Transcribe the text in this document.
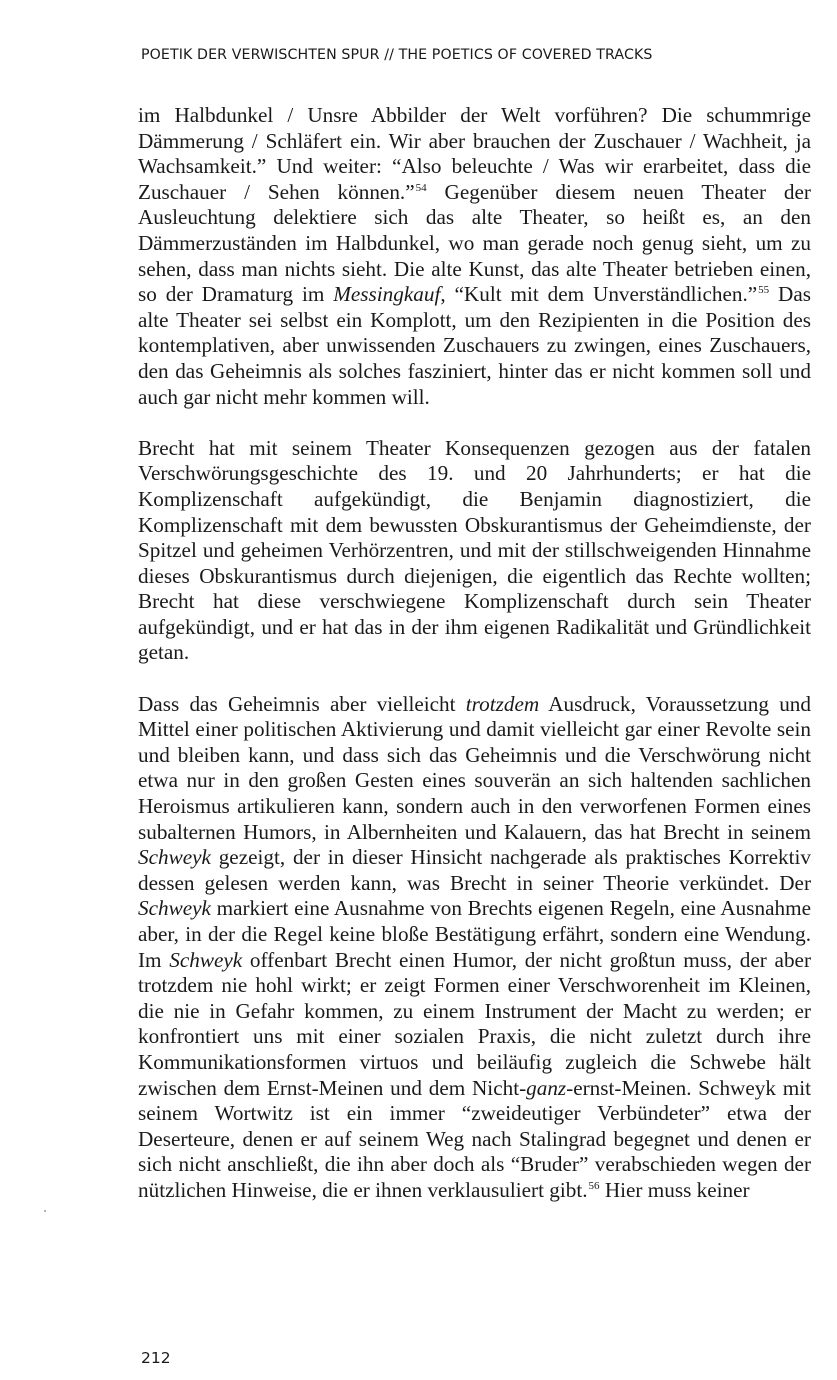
POETIK DER VERWISCHTEN SPUR // THE POETICS OF COVERED TRACKS

im Halbdunkel / Unsre Abbilder der Welt vorführen? Die schummrige Dämmerung / Schläfert ein. Wir aber brauchen der Zuschauer / Wachheit, ja Wachsamkeit.” Und weiter: “Also beleuchte / Was wir erarbeitet, dass die Zuschauer / Sehen können.”$^{54}$ Gegenüber diesem neuen Theater der Ausleuchtung delektiere sich das alte Theater, so heißt es, an den Dämmerzuständen im Halbdunkel, wo man gerade noch genug sieht, um zu sehen, dass man nichts sieht. Die alte Kunst, das alte Theater betrieben einen, so der Dramaturg im Messingkauf, “Kult mit dem Unverständlichen.”$^{55}$ Das alte Theater sei selbst ein Komplott, um den Rezipienten in die Position des kontemplativen, aber unwissenden Zuschauers zu zwingen, eines Zuschauers, den das Geheimnis als solches fasziniert, hinter das er nicht kommen soll und auch gar nicht mehr kommen will.

Brecht hat mit seinem Theater Konsequenzen gezogen aus der fatalen Verschwörungsgeschichte des 19. und 20 Jahrhunderts; er hat die Komplizenschaft aufgekündigt, die Benjamin diagnostiziert, die Komplizenschaft mit dem bewussten Obskurantismus der Geheimdienste, der Spitzel und geheimen Verhörzentren, und mit der stillschweigenden Hinnahme dieses Obskurantismus durch diejenigen, die eigentlich das Rechte wollten; Brecht hat diese verschwiegene Komplizenschaft durch sein Theater aufgekündigt, und er hat das in der ihm eigenen Radikalität und Gründlichkeit getan.

Dass das Geheimnis aber vielleicht trotzdem Ausdruck, Voraussetzung und Mittel einer politischen Aktivierung und damit vielleicht gar einer Revolte sein und bleiben kann, und dass sich das Geheimnis und die Verschwörung nicht etwa nur in den großen Gesten eines souverän an sich haltenden sachlichen Heroismus artikulieren kann, sondern auch in den verworfenen Formen eines subalternen Humors, in Albernheiten und Kalauern, das hat Brecht in seinem Schweyk gezeigt, der in dieser Hinsicht nachgerade als praktisches Korrektiv dessen gelesen werden kann, was Brecht in seiner Theorie verkündet. Der Schweyk markiert eine Ausnahme von Brechts eigenen Regeln, eine Ausnahme aber, in der die Regel keine bloße Bestätigung erfährt, sondern eine Wendung. Im Schweyk offenbart Brecht einen Humor, der nicht großtun muss, der aber trotzdem nie hohl wirkt; er zeigt Formen einer Verschworenheit im Kleinen, die nie in Gefahr kommen, zu einem Instrument der Macht zu werden; er konfrontiert uns mit einer sozialen Praxis, die nicht zuletzt durch ihre Kommunikationsformen virtuos und beiläufig zugleich die Schwebe hält zwischen dem Ernst-Meinen und dem Nicht-ganz-ernst-Meinen. Schweyk mit seinem Wortwitz ist ein immer “zweideutiger Verbündeter” etwa der Deserteure, denen er auf seinem Weg nach Stalingrad begegnet und denen er sich nicht anschließt, die ihn aber doch als “Bruder” verabschieden wegen der nützlichen Hinweise, die er ihnen verklausuliert gibt.$^{56}$ Hier muss keiner

212
